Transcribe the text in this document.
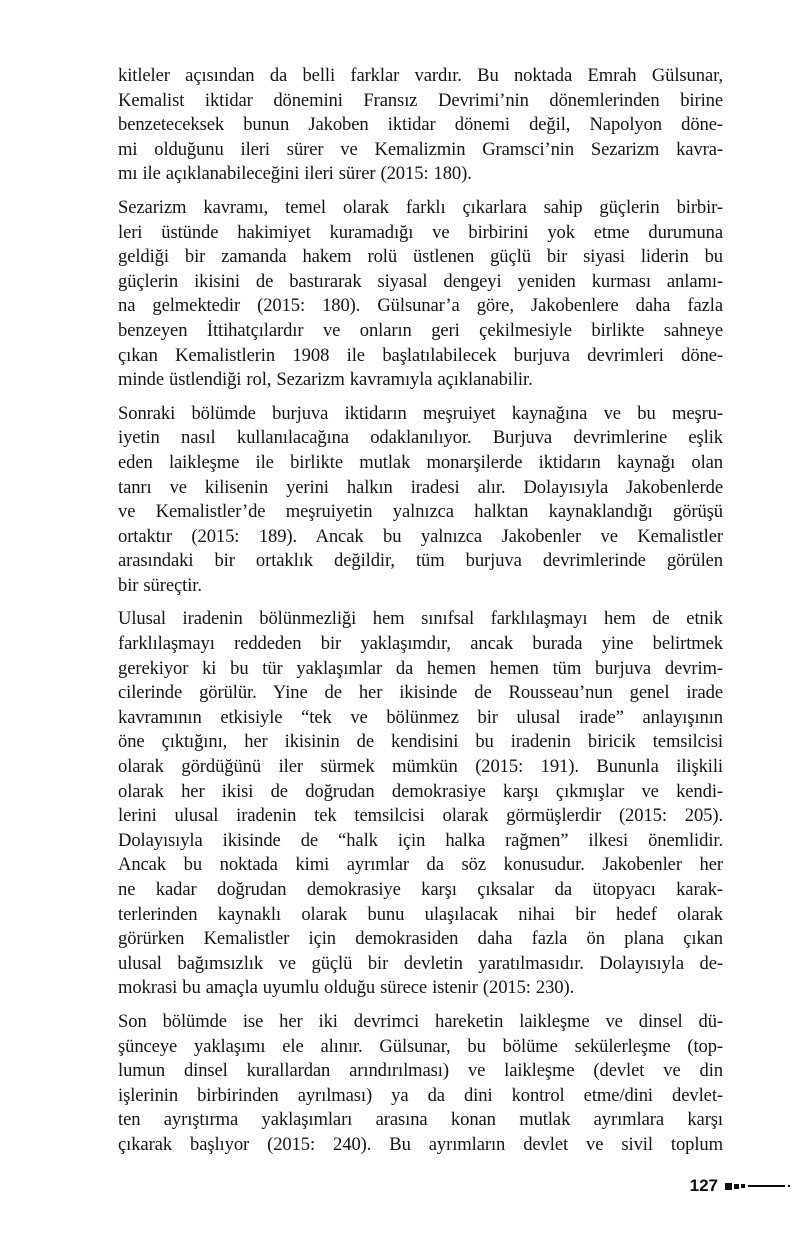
kitleler açısından da belli farklar vardır. Bu noktada Emrah Gülsunar,
Kemalist iktidar dönemini Fransız Devrimi’nin dönemlerinden birine
benzeteceksek bunun Jakoben iktidar dönemi değil, Napolyon döne-
mi olduğunu ileri sürer ve Kemalizmin Gramsci’nin Sezarizm kavra-
mı ile açıklanabileceğini ileri sürer (2015: 180).
Sezarizm kavramı, temel olarak farklı çıkarlara sahip güçlerin birbir-
leri üstünde hakimiyet kuramadığı ve birbirini yok etme durumuna
geldiği bir zamanda hakem rolü üstlenen güçlü bir siyasi liderin bu
güçlerin ikisini de bastırarak siyasal dengeyi yeniden kurması anlamı-
na gelmektedir (2015: 180). Gülsunar’a göre, Jakobenlere daha fazla
benzeyen İttihatçılardır ve onların geri çekilmesiyle birlikte sahneye
çıkan Kemalistlerin 1908 ile başlatılabilecek burjuva devrimleri döne-
minde üstlendiği rol, Sezarizm kavramıyla açıklanabilir.
Sonraki bölümde burjuva iktidarın meşruiyet kaynağına ve bu meşru-
iyetin nasıl kullanılacağına odaklanılıyor. Burjuva devrimlerine eşlik
eden laikleşme ile birlikte mutlak monarşilerde iktidarın kaynağı olan
tanrı ve kilisenin yerini halkın iradesi alır. Dolayısıyla Jakobenlerde
ve Kemalistler’de meşruiyetin yalnızca halktan kaynaklandığı görüşü
ortaktır (2015: 189). Ancak bu yalnızca Jakobenler ve Kemalistler
arasındaki bir ortaklık değildir, tüm burjuva devrimlerinde görülen
bir süreçtir.
Ulusal iradenin bölünmezliği hem sınıfsal farklılaşmayı hem de etnik
farklılaşmayı reddeden bir yaklaşımdır, ancak burada yine belirtmek
gerekiyor ki bu tür yaklaşımlar da hemen hemen tüm burjuva devrim-
cilerinde görülür. Yine de her ikisinde de Rousseau’nun genel irade
kavramının etkisiyle “tek ve bölünmez bir ulusal irade” anlayışının
öne çıktığını, her ikisinin de kendisini bu iradenin biricik temsilcisi
olarak gördüğünü iler sürmek mümkün (2015: 191). Bununla ilişkili
olarak her ikisi de doğrudan demokrasiye karşı çıkmışlar ve kendi-
lerini ulusal iradenin tek temsilcisi olarak görmüşlerdir (2015: 205).
Dolayısıyla ikisinde de “halk için halka rağmen” ilkesi önemlidir.
Ancak bu noktada kimi ayrımlar da söz konusudur. Jakobenler her
ne kadar doğrudan demokrasiye karşı çıksalar da ütopyacı karak-
terlerinden kaynaklı olarak bunu ulaşılacak nihai bir hedef olarak
görürken Kemalistler için demokrasiden daha fazla ön plana çıkan
ulusal bağımsızlık ve güçlü bir devletin yaratılmasıdır. Dolayısıyla de-
mokrasi bu amaçla uyumlu olduğu sürece istenir (2015: 230).
Son bölümde ise her iki devrimci hareketin laikleşme ve dinsel dü-
şünceye yaklaşımı ele alınır. Gülsunar, bu bölüme sekülerleşme (top-
lumun dinsel kurallardan arındırılması) ve laikleşme (devlet ve din
işlerinin birbirinden ayrılması) ya da dini kontrol etme/dini devlet-
ten ayrıştırma yaklaşımları arasına konan mutlak ayrımlara karşı
çıkarak başlıyor (2015: 240). Bu ayrımların devlet ve sivil toplum
127
